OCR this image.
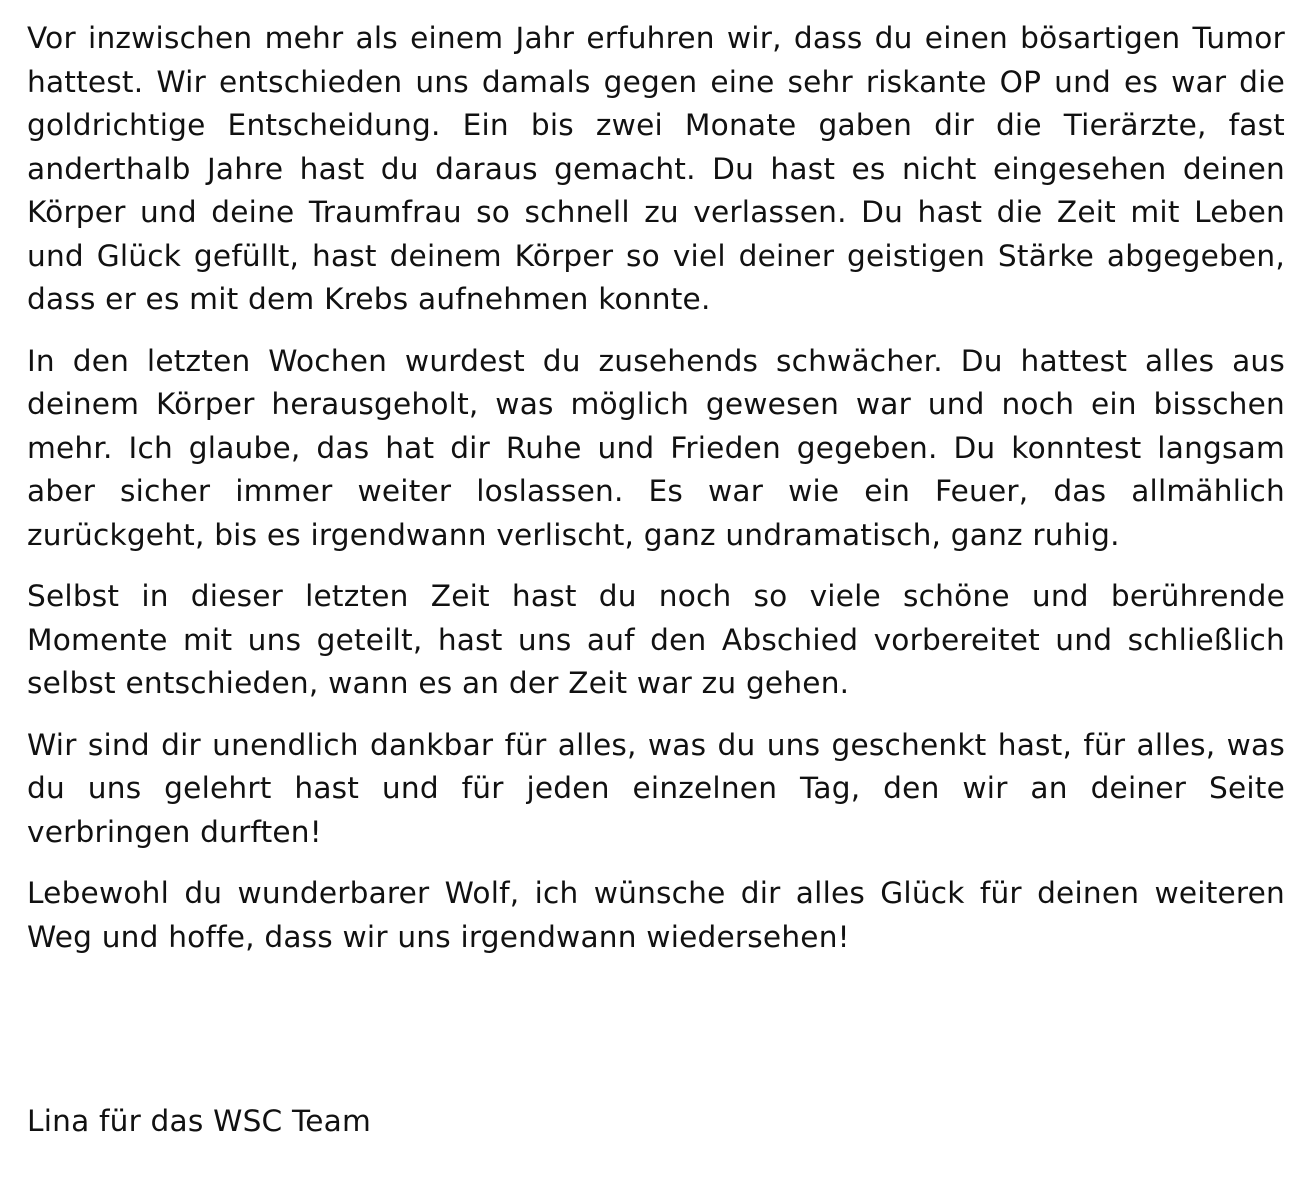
Vor inzwischen mehr als einem Jahr erfuhren wir, dass du einen bösartigen Tumor hattest. Wir entschieden uns damals gegen eine sehr riskante OP und es war die goldrichtige Entscheidung. Ein bis zwei Monate gaben dir die Tierärzte, fast anderthalb Jahre hast du daraus gemacht. Du hast es nicht eingesehen deinen Körper und deine Traumfrau so schnell zu verlassen. Du hast die Zeit mit Leben und Glück gefüllt, hast deinem Körper so viel deiner geistigen Stärke abgegeben, dass er es mit dem Krebs aufnehmen konnte.

In den letzten Wochen wurdest du zusehends schwächer. Du hattest alles aus deinem Körper herausgeholt, was möglich gewesen war und noch ein bisschen mehr. Ich glaube, das hat dir Ruhe und Frieden gegeben. Du konntest langsam aber sicher immer weiter loslassen. Es war wie ein Feuer, das allmählich zurückgeht, bis es irgendwann verlischt, ganz undramatisch, ganz ruhig.

Selbst in dieser letzten Zeit hast du noch so viele schöne und berührende Momente mit uns geteilt, hast uns auf den Abschied vorbereitet und schließlich selbst entschieden, wann es an der Zeit war zu gehen.

Wir sind dir unendlich dankbar für alles, was du uns geschenkt hast, für alles, was du uns gelehrt hast und für jeden einzelnen Tag, den wir an deiner Seite verbringen durften!

Lebewohl du wunderbarer Wolf, ich wünsche dir alles Glück für deinen weiteren Weg und hoffe, dass wir uns irgendwann wiedersehen!

Lina für das WSC Team
